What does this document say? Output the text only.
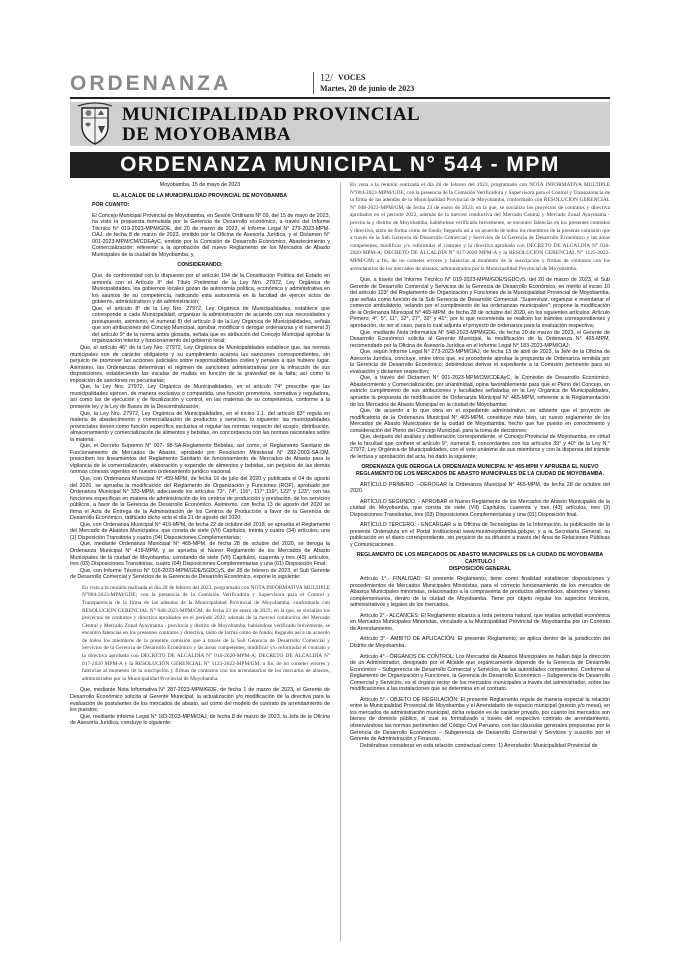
ORDENANZA	12/ VOCES
Martes, 20 de junio de 2023
MUNICIPALIDAD PROVINCIAL
DE MOYOBAMBA
ORDENANZA MUNICIPAL N° 544 - MPM

Moyobamba, 15 de mayo de 2023

EL ALCALDE DE LA MUNICIPALIDAD PROVINCIAL DE MOYOBAMBA

POR CUANTO:

El Concejo Municipal Provincial de Moyobamba, en Sesión Ordinaria Nº 09, del 15 de mayo de 2023, ha visto la propuesta formulada por la Gerencia de Desarrollo económico, a través del Informe Técnico N° 019-2023-MPM/GDE, del 20 de marzo de 2023, el Informe Legal N° 273-2023-MPM-OAJ, de fecha 8 de marzo de 2023, emitido por la Oficina de Asesoría Jurídica, y el Dictamen N° 001-2023-MPM/CM/CDEAyC, emitido por la Comisión de Desarrollo Económico, Abastecimiento y Comercialización; referente a la aprobación del nuevo Reglamento de los Mercados de Abasto Municipales de la ciudad de Moyobamba; y,

CONSIDERANDO:

Que, de conformidad con lo dispuesto por el artículo 194 de la Constitución Política del Estado en armonía con el Artículo II° del Título Preliminar de la Ley Nro. 27972, Ley Orgánica de Municipalidades, los gobiernos locales gozan de autonomía política, económica y administrativa en los asuntos de su competencia, radicando esta autonomía en la facultad de ejercer actos de gobierno, administrativos y de administración;

Que, el artículo 8° de la Ley Nro. 27972, Ley Orgánica de Municipalidades, establece que corresponde a cada Municipalidad, organizar la administración de acuerdo con sus necesidades y presupuesto, asimismo, el numeral 8) del artículo 9 de la Ley Orgánica de Municipalidades, señala que son atribuciones del Concejo Municipal, aprobar, modificar o derogar ordenanzas y el numeral 3) del artículo 9° de la norma antes glosada, señala que es atribución del Concejo Municipal aprobar la organización interior y funcionamiento del gobierno local;

Que, el artículo 46° de la Ley Nro. 27972, Ley Orgánica de Municipalidades establece que, las normas municipales son de carácter obligatorio y su cumplimiento acarrea las sanciones correspondientes, sin perjuicio de promover las acciones judiciales sobre responsabilidades civiles y penales a que hubiere lugar. Asimismo, las Ordenanzas determinan el régimen de sanciones administrativas por la infracción de sus disposiciones, estableciendo las escalas de multas en función de la gravedad de la falta; así como la imposición de sanciones no pecuniarias;

Que, la Ley Nro. 27972, Ley Orgánica de Municipalidades, en el artículo 74° prescribe que las municipalidades ejercen, de manera exclusiva o compartida, una función promotora, normativa y reguladora, así como las de ejecución y de fiscalización y control, en las materias de su competencia, conforme a la presente ley y la Ley de Bases de la Descentralización;

Que, la Ley Nro. 27972, Ley Orgánica de Municipalidades, en el inciso 1.1. del artículo 83° regula en materia de abastecimiento y comercialización de productos y servicios, lo siguiente: las municipalidades provinciales tienen como función específica exclusiva el regular las normas respecto del acopio, distribución, almacenamiento y comercialización de alimentos y bebidas, en concordancia con las normas nacionales sobre la materia;

Que, el Decreto Supremo N° 007- 98-SA-Reglamento Bebidas, así como, el Reglamento Sanitario de Funcionamiento de Mercados de Abasto, aprobado por Resolución Ministerial N° 282-2003-SA-DM, prescriben los lineamientos del Reglamento Sanitario de funcionamiento de Mercados de Abasto para la vigilancia de la comercialización, elaboración y expendio de alimentos y bebidas, sin perjuicio de las demás normas conexas vigentes en nuestro ordenamiento jurídico nacional;

Que, con Ordenanza Municipal N° 459-MPM, de fecha 16 de julio del 2020 y publicada el 04 de agosto del 2020, se aprueba la modificación del Reglamento de Organización y Funciones (ROF), aprobado por Ordenanza Municipal N° 333-MPM, adecuando los artículos 73°, 74°, 116°, 117°,119°, 122° y 123°, con las funciones específicas en materia de administración de los centros de producción y prestación, de los servicios públicos, a favor de la Gerencia de Desarrollo Económico. Asimismo, con fecha 13 de agosto del 2020 se firma el Acta de Entrega de la Administración de los Centros de Producción a favor de la Gerencia de Desarrollo Económico, ratificado dicho acto el día 21 de agosto del 2020;

Que, con Ordenanza Municipal N° 419-MPM, de fecha 22 de octubre del 2018, se aprueba el Reglamento del Mercado de Abastos Municipales, que consta de siete (VII) Capítulos, treinta y cuatro (34) artículos, una (1) Disposición Transitoria y cuatro (04) Disposiciones Complementarias;

Que, mediante Ordenanza Municipal N° 465-MPM, de fecha 28 de octubre del 2020, se deroga la Ordenanza Municipal N° 419-MPM, y se aprueba el Nuevo Reglamento de los Mercados de Abasto Municipales de la ciudad de Moyobamba, constando de siete (VII) Capítulos, cuarenta y tres (43) artículos, tres (03) Disposiciones Transitorias, cuatro (04) Disposiciones Complementarias y una (01) Disposición Final;

Que, con Informe Técnico N° 016-2023-MPM/GDE/SGDCyS, del 28 de febrero de 2023, el Sub Gerente de Desarrollo Comercial y Servicios de la Gerencia de Desarrollo Económico, expone lo siguiente:

En vista a la reunión realizada el día 28 de febrero del 2023, programado con NOTA INFORMATIVA MULTIPLE N°004-2023-MPM/GDE; con la presencia de la Comisión Verificadora y Supervisora para el Control y Transparencia de la firma de las adendas de la Municipalidad Provincial de Moyobamba, conformado con RESOLUCION GERENCIAL N° 048-2023-MPM/GM, de fecha 23 de enero de 2023; en la que, se socializo los proyectos de contratos y directiva aprobados en el periodo 2022, además de la merced conductiva del Mercado Central y Mercado Zonal Ayaymama - provincia y distrito de Moyobamba, habiéndose verificado brevemente, se encontró falencias en los presentes contratos y directiva, tanto de forma como de fondo; llegando así a un acuerdo de todos los miembros de la presente comisión que a través de la Sub Gerencia de Desarrollo Comercial y Servicios de la Gerencia de Desarrollo Económico y las áreas competentes, modificar y/o reformular el contrato y la directiva aprobada con DECRETO DE ALCALDÍA N° 016-2020-MPM-A; DECRETO DE ALCALDÍA N° 017-2020 MPM-A y la RESOLUCIÓN GERENCIAL N° 1123-2022-MPM/GM; a fin, de no cometer errores y falencias al momento de la suscripción y firmas de contratos con los arrendatarios de los mercados de abastos, administrados por la Municipalidad Provincial de Moyobamba.

Que, mediante Nota Informativa N° 287-2023-MPM/GDE, de fecha 1 de marzo de 2023, el Gerente de Desarrollo Económico solicita al Gerente Municipal, la actualización y/o modificación de la directiva para la evaluación de postulantes de los mercados de abasto, así como del modelo de contrato de arrendamiento de los puestos;

Que, mediante Informe Legal N° 183-2023-MPM/OAJ, de fecha 8 de marzo de 2023, la Jefa de la Oficina de Asesoría Jurídica, concluye lo siguiente:

En vista a la reunión realizada el día 28 de febrero del 2023, programado con NOTA INFORMATIVA MULTIPLE N°004-2023-MPM/GDE; con la presencia de la Comisión Verificadora y Supervisora para el Control y Transparencia de la firma de las adendas de la Municipalidad Provincial de Moyobamba, conformado con RESOLUCION GERENCIAL N° 048-2023-MPM/GM, de fecha 23 de enero de 2023; en la que, se socializo los proyectos de contratos y directiva aprobados en el periodo 2022, además de la merced conductiva del Mercado Central y Mercado Zonal Ayaymama - provincia y distrito de Moyobamba, habiéndose verificado brevemente, se encontró falencias en los presentes contratos y directiva, tanto de forma como de fondo; llegando así a un acuerdo de todos los miembros de la presente comisión que a través de la Sub Gerencia de Desarrollo Comercial y Servicios de la Gerencia de Desarrollo Económico y las áreas competentes, modificar y/o reformular el contrato y la directiva aprobada con DECRETO DE ALCALDÍA N° 016-2020-MPM-A; DECRETO DE ALCALDÍA N° 017-2020 MPM-A y la RESOLUCIÓN GERENCIAL N° 1123-2022-MPM/GM; a fin, de no cometer errores y falencias al momento de la suscripción y firmas de contratos con los arrendatarios de los mercados de abastos, administrados por la Municipalidad Provincial de Moyobamba.

Que, a través del Informe Técnico N° 019-2023-MPM/GDE/SGDCyS, del 20 de marzo de 2023, el Sub Gerente de Desarrollo Comercial y Servicios de la Gerencia de Desarrollo Económico, en mérito al inciso 10 del artículo 123° del Reglamento de Organización y Funciones de la Municipalidad Provincial de Moyobamba, que señala como función de la Sub Gerencia de Desarrollo Comercial: "Supervisar, organizar e inventariar el comercio ambulatorio, velando por el cumplimiento de las ordenanzas municipales"; propone la modificación de la Ordenanza Municipal N° 465-MPM, de fecha 28 de octubre del 2020, en los siguientes artículos: Artículo Primero; 4°, 5°, 11°, 12°, 27°, 33° y 41°; por lo que recomienda se realicen los trámites correspondientes y aprobación, de ser el caso, para lo cual adjunta el proyecto de ordenanza para la evaluación respectiva;

Que, mediante Nota Informativa N° 548-2023-MPM/GDE, de fecha 20 de marzo de 2023, el Gerente de Desarrollo Económico solicita al Gerente Municipal, la modificación de la Ordenanza N° 465-MPM, recomendado por la Oficina de Asesoría Jurídica en el Informe Legal N° 183-2023-MPM/OAJ;

Que, según Informe Legal N° 273-2023-MPM/OAJ, de fecha 13 de abril de 2023, la Jefe de la Oficina de Asesoría Jurídica, concluye, entre otros que, es procedente aprobar la propuesta de Ordenanza remitida por la Gerencia de Desarrollo Económico; debiéndose derivar el expediente a la Comisión pertinente para su evaluación y dictamen respectivo;

Que, a través del Dictamen N° 001-2023-MPM/CM/CDEAyC, la Comisión de Desarrollo Económico, Abastecimiento y Comercialización; por unanimidad, opina favorablemente para que el Pleno del Concejo, en estricto cumplimiento de sus atribuciones y facultades señaladas en la Ley Orgánica de Municipalidades, apruebe la propuesta de modificación de Ordenanza Municipal N° 465-MPM, referente a la Reglamentación de los Mercados de Abasto Municipal en la ciudad de Moyobamba;

Que, de acuerdo a lo que obra en el expediente administrativo, se advierte que el proyecto de modificatoria de la Ordenanza Municipal N° 465-MPM, constituye más bien, un nuevo reglamento de los Mercados de Abasto Municipales de la ciudad de Moyobamba, hecho que fue puesto en conocimiento y consideración del Pleno del Concejo Municipal, para la toma de decisiones;

Que, después del análisis y deliberación correspondiente, el Concejo Provincial de Moyobamba, en virtud de la facultad que confiere el artículo 9°, numeral 8, concordantes con los artículos 39° y 40° de la Ley N.° 27972, Ley Orgánica de Municipalidades, con el voto unánime de sus miembros y con la dispensa del trámite de lectura y aprobación del acta, ha dado la siguiente;

ORDENANZA QUE DEROGA LA ORDENANZA MUNICIPAL N° 465-MPM Y APRUEBA EL NUEVO REGLAMENTO DE LOS MERCADOS DE ABASTO MUNICIPALES DE LA CIUDAD DE MOYOBAMBA.

ARTÍCULO PRIMERO. –DEROGAR la Ordenanza Municipal N° 465-MPM, de fecha 28 de octubre del 2020.

ARTÍCULO SEGUNDO. - APROBAR el Nuevo Reglamento de los Mercados de Abasto Municipales de la ciudad de Moyobamba, que consta de siete (VII) Capítulos, cuarenta y tres (43) artículos, tres (3) Disposiciones Transitorias, tres (03) Disposiciones Complementarias y una (01) Disposición final.

ARTÍCULO TERCERO. - ENCARGAR a la Oficina de Tecnologías de la Información, la publicación de la presente Ordenanza en el Portal Institucional www.munimoyobamba.gob.pe, y a la Secretaría General, su publicación en el diario correspondiente, sin perjuicio de su difusión a través del Área de Relaciones Públicas y Comunicaciones.

REGLAMENTO DE LOS MERCADOS DE ABASTO MUNICIPALES DE LA CIUDAD DE MOYOBAMBA

CAPITULO I

DISPOSICIÓN GENERAL

Artículo 1°.- FINALIDAD: El presente Reglamento, tiene como finalidad establecer disposiciones y procedimientos de Mercados Municipales Minoristas, para el correcto funcionamiento de los mercados de Abastos Municipales minoristas, relacionados a la compraventa de productos alimenticios, abarrotes y bienes complementarios, dentro de la ciudad de Moyobamba. Tiene por objeto regular los aspectos técnicos, administrativos y legales de los mercados.

Artículo 2°.- ALCANCES: El Reglamento alcanza a toda persona natural, que realiza actividad económica en Mercados Municipales Minoristas, vinculado a la Municipalidad Provincial de Moyobamba por un Contrato de Arrendamiento.

Artículo 3°.- ÁMBITO DE APLICACIÓN: El presente Reglamento, se aplica dentro de la jurisdicción del Distrito de Moyobamba.

Artículo 4°.- ÓRGANOS DE CONTROL: Los Mercados de Abastos Municipales se hallan bajo la dirección de un Administrador, designado por el Alcalde que orgánicamente depende de la Gerencia de Desarrollo Económico – Subgerencia de Desarrollo Comercial y Servicios, de las autoridades competentes. Conforme al Reglamento de Organización y Funciones, la Gerencia de Desarrollo Económico – Subgerencia de Desarrollo Comercial y Servicios, es el órgano rector de los mercados municipales a través del administrador, sobre las modificaciones a las instalaciones que se determina en el contrato.

Artículo 5°.- OBJETO DE REGULACIÓN: El presente Reglamento regula de manera especial la relación entre la Municipalidad Provincial de Moyobamba y el Arrendatario de espacio municipal (puesto y/o mesa), en los mercados de administración municipal, dicha relación es de carácter privado, por cuanto los mercados son bienes de dominio público, el cual es formalizado a través del respectivo contrato de arrendamiento, observándose las normas pertinentes del Código Civil Peruano, con las cláusulas generales propuestas por la Gerencia de Desarrollo Económico – Subgerencia de Desarrollo Comercial y Servicios y suscrito por el Gerente de Administración y Finanzas.

Debiéndose considerar en esta relación contractual como: 1) Arrendador: Municipalidad Provincial de
